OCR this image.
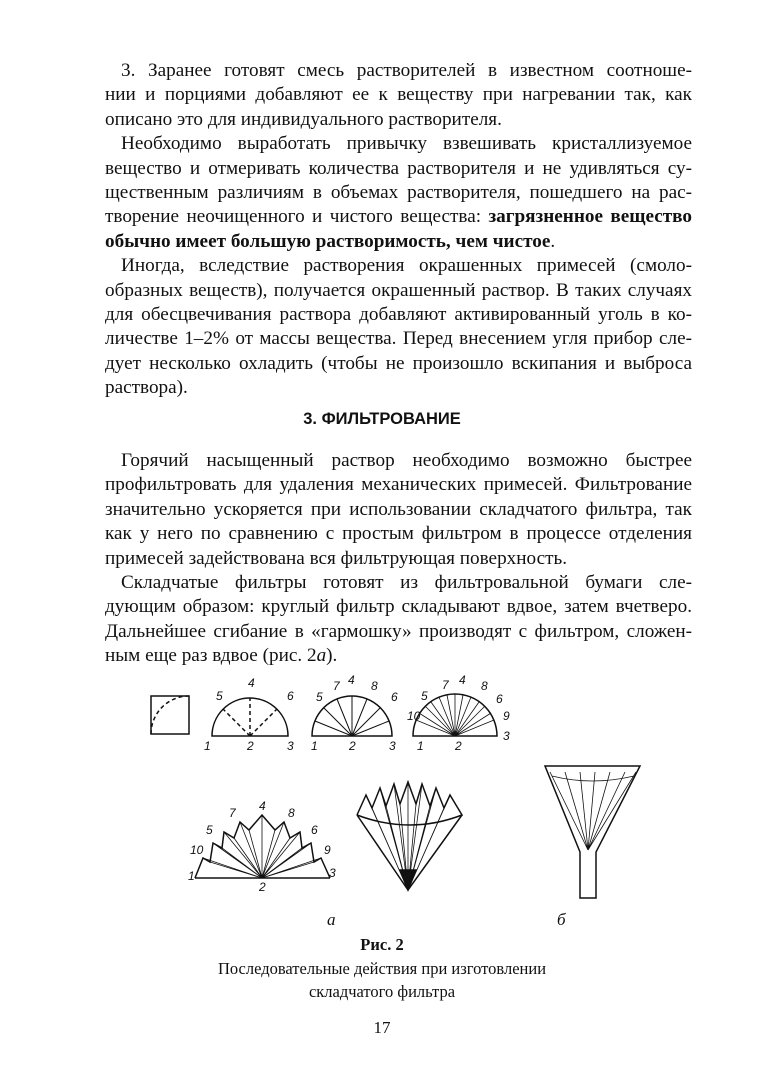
3. Заранее готовят смесь растворителей в известном соотноше-
нии и порциями добавляют ее к веществу при нагревании так, как
описано это для индивидуального растворителя.
Необходимо выработать привычку взвешивать кристаллизуемое
вещество и отмеривать количества растворителя и не удивляться су-
щественным различиям в объемах растворителя, пошедшего на рас-
творение неочищенного и чистого вещества: загрязненное вещество
обычно имеет большую растворимость, чем чистое.
Иногда, вследствие растворения окрашенных примесей (смоло-
образных веществ), получается окрашенный раствор. В таких случаях
для обесцвечивания раствора добавляют активированный уголь в ко-
личестве 1–2% от массы вещества. Перед внесением угля прибор сле-
дует несколько охладить (чтобы не произошло вскипания и выброса
раствора).
3. ФИЛЬТРОВАНИЕ
Горячий насыщенный раствор необходимо возможно быстрее
профильтровать для удаления механических примесей. Фильтрование
значительно ускоряется при использовании складчатого фильтра, так
как у него по сравнению с простым фильтром в процессе отделения
примесей задействована вся фильтрующая поверхность.
Складчатые фильтры готовят из фильтровальной бумаги сле-
дующим образом: круглый фильтр складывают вдвое, затем вчетверо.
Дальнейшее сгибание в «гармошку» производят с фильтром, сложен-
ным еще раз вдвое (рис. 2а).
5
4
6
1	2	3
5
7 4 8
6
1	2	3
5
7 4 8
6
10	9
1	2
3
7 4 8
5	6
10	9
1
2
3
а	б
Рис. 2
Последовательные действия при изготовлении
складчатого фильтра
17
